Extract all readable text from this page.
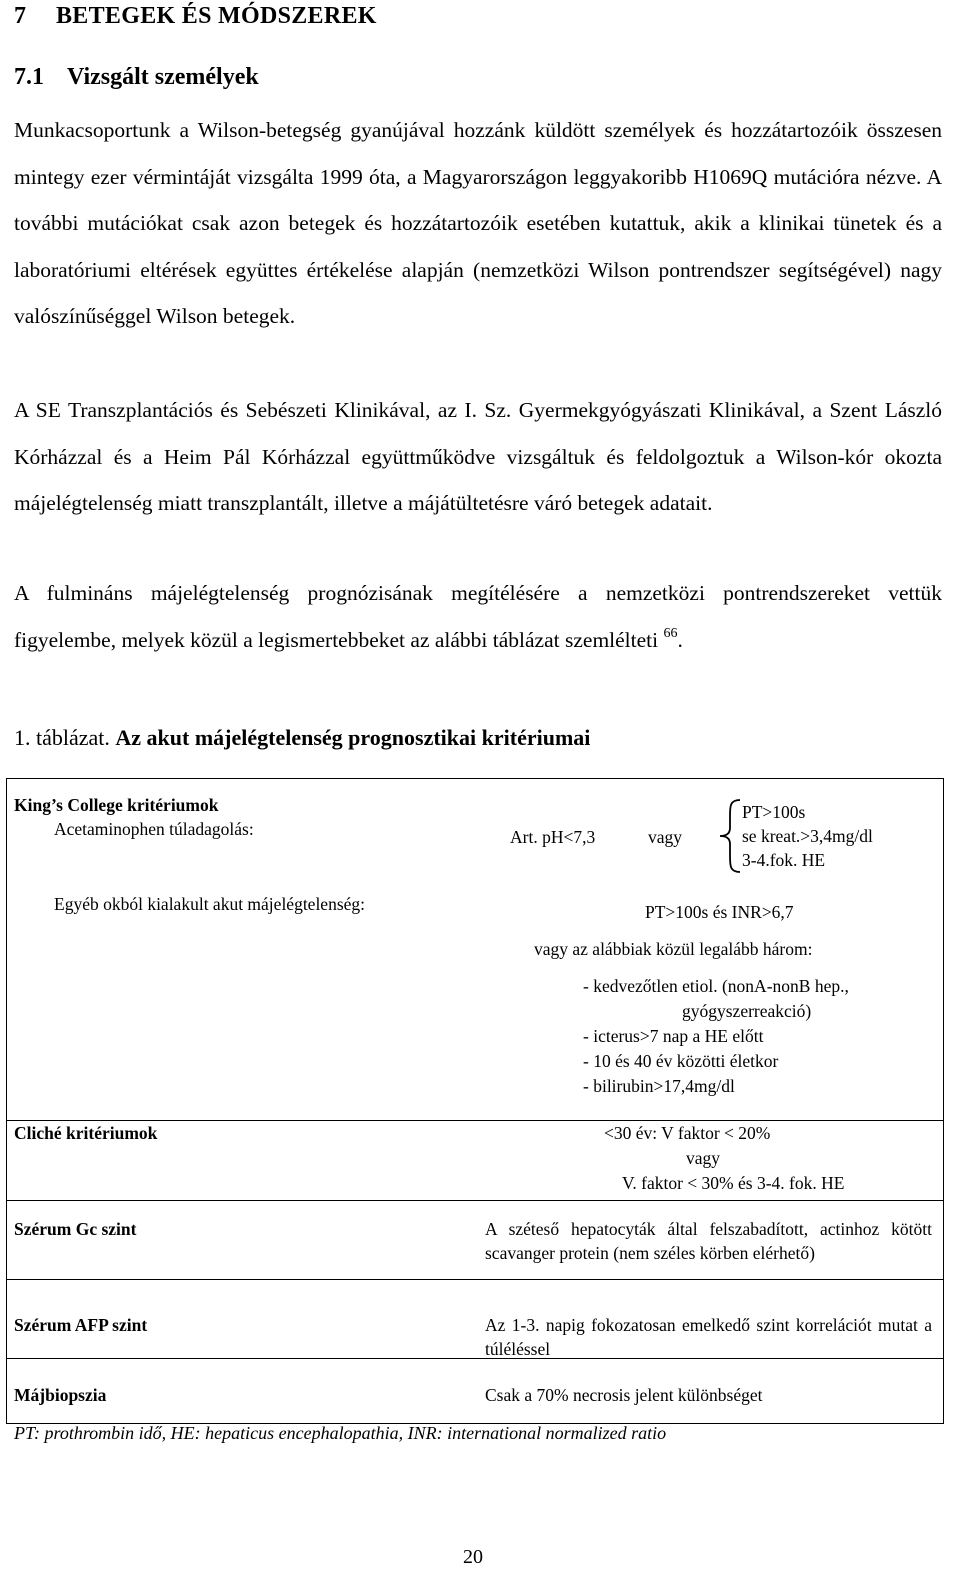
7 BETEGEK ÉS MÓDSZEREK
7.1 Vizsgált személyek
Munkacsoportunk a Wilson-betegség gyanújával hozzánk küldött személyek és hozzátartozóik összesen mintegy ezer vérmintáját vizsgálta 1999 óta, a Magyarországon leggyakoribb H1069Q mutációra nézve. A további mutációkat csak azon betegek és hozzátartozóik esetében kutattuk, akik a klinikai tünetek és a laboratóriumi eltérések együttes értékelése alapján (nemzetközi Wilson pontrendszer segítségével) nagy valószínűséggel Wilson betegek.
A SE Transzplantációs és Sebészeti Klinikával, az I. Sz. Gyermekgyógyászati Klinikával, a Szent László Kórházzal és a Heim Pál Kórházzal együttműködve vizsgáltuk és feldolgoztuk a Wilson-kór okozta májelégtelenség miatt transzplantált, illetve a májátültetésre váró betegek adatait.
A fulmináns májelégtelenség prognózisának megítélésére a nemzetközi pontrendszereket vettük figyelembe, melyek közül a legismertebbeket az alábbi táblázat szemlélteti $^{66}$.
1. táblázat. Az akut májelégtelenség prognosztikai kritériumai
King’s College kritériumok
Acetaminophen túladagolás:	Art. pH<7,3	vagy
PT>100s
se kreat.>3,4mg/dl
3-4.fok. HE
Egyéb okból kialakult akut májelégtelenség:	PT>100s és INR>6,7
vagy az alábbiak közül legalább három:
- kedvezőtlen etiol. (nonA-nonB hep.,
gyógyszerreakció)
- icterus>7 nap a HE előtt
- 10 és 40 év közötti életkor
- bilirubin>17,4mg/dl
Cliché kritériumok	<30 év: V faktor < 20%
vagy
V. faktor < 30% és 3-4. fok. HE
Szérum Gc szint	A széteső hepatocyták által felszabadított, actinhoz kötött scavanger protein (nem széles körben elérhető)
Szérum AFP szint	Az 1-3. napig fokozatosan emelkedő szint korrelációt mutat a túléléssel
Májbiopszia	Csak a 70% necrosis jelent különbséget
PT: prothrombin idő, HE: hepaticus encephalopathia, INR: international normalized ratio
20
